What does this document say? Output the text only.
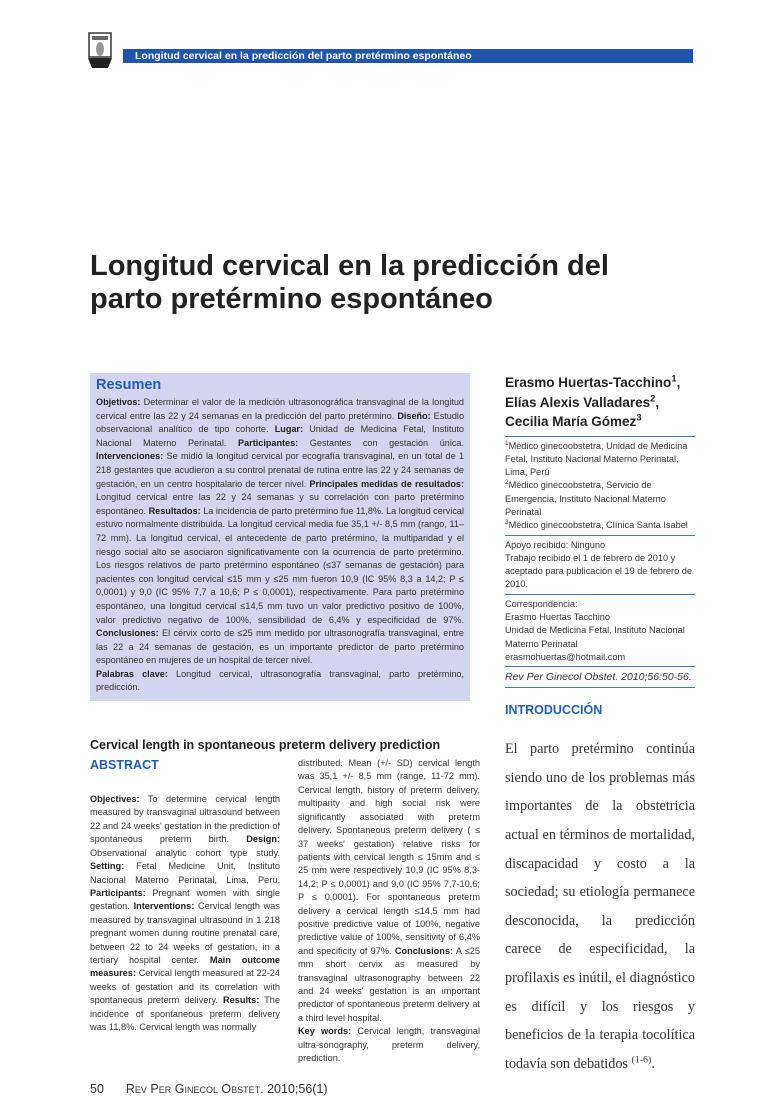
Longitud cervical en la predicción del parto pretérmino espontáneo
Longitud cervical en la predicción del parto pretérmino espontáneo
Resumen

Objetivos: Determinar el valor de la medición ultrasonográfica transvaginal de la longitud cervical entre las 22 y 24 semanas en la predicción del parto pretérmino. Diseño: Estudio observacional analítico de tipo cohorte. Lugar: Unidad de Medicina Fetal, Instituto Nacional Materno Perinatal. Participantes: Gestantes con gestación única. Intervenciones: Se midió la longitud cervical por ecografía transvaginal, en un total de 1 218 gestantes que acudieron a su control prenatal de rutina entre las 22 y 24 semanas de gestación, en un centro hospitalario de tercer nivel. Principales medidas de resultados: Longitud cervical entre las 22 y 24 semanas y su correlación con parto pretérmino espontáneo. Resultados: La incidencia de parto pretérmino fue 11,8%. La longitud cervical estuvo normalmente distribuida. La longitud cervical media fue 35,1 +/- 8,5 mm (rango, 11–72 mm). La longitud cervical, el antecedente de parto pretérmino, la multiparidad y el riesgo social alto se asociaron significativamente con la ocurrencia de parto pretérmino. Los riesgos relativos de parto pretérmino espontáneo (≤37 semanas de gestación) para pacientes con longitud cervical ≤15 mm y ≤25 mm fueron 10,9 (IC 95% 8,3 a 14,2; P ≤ 0,0001) y 9,0 (IC 95% 7,7 a 10,6; P ≤ 0,0001), respectivamente. Para parto pretérmino espontáneo, una longitud cervical ≤14,5 mm tuvo un valor predictivo positivo de 100%, valor predictivo negativo de 100%, sensibilidad de 6,4% y especificidad de 97%. Conclusiones: El cérvix corto de ≤25 mm medido por ultrasonografía transvaginal, entre las 22 a 24 semanas de gestación, es un importante predictor de parto pretérmino espontáneo en mujeres de un hospital de tercer nivel.
Palabras clave: Longitud cervical, ultrasonografía transvaginal, parto pretérmino, predicción.

Cervical length in spontaneous preterm delivery prediction
ABSTRACT
Objectives: To determine cervical length measured by transvaginal ultrasound between 22 and 24 weeks' gestation in the prediction of spontaneous preterm birth. Design: Observational analytic cohort type study. Setting: Fetal Medicine Unit, Instituto Nacional Materno Perinatal, Lima, Peru. Participants: Pregnant women with single gestation. Interventions: Cervical length was measured by transvaginal ultrasound in 1 218 pregnant women during routine prenatal care, between 22 to 24 weeks of gestation, in a tertiary hospital center. Main outcome measures: Cervical length measured at 22-24 weeks of gestation and its correlation with spontaneous preterm delivery. Results: The incidence of spontaneous preterm delivery was 11,8%. Cervical length was normally
distributed. Mean (+/- SD) cervical length was 35,1 +/- 8,5 mm (range, 11-72 mm). Cervical length, history of preterm delivery, multiparity and high social risk were significantly associated with preterm delivery. Spontaneous preterm delivery ( ≤ 37 weeks' gestation) relative risks for patients with cervical length ≤ 15mm and ≤ 25 mm were respectively 10,9 (IC 95% 8,3-14,2; P ≤ 0,0001) and 9,0 (IC 95% 7,7-10,6; P ≤ 0,0001). For spontaneous preterm delivery a cervical length ≤14,5 mm had positive predictive value of 100%, negative predictive value of 100%, sensitivity of 6,4% and specificity of 97%. Conclusions: A ≤25 mm short cervix as measured by transvaginal ultrasonography between 22 and 24 weeks' gestation is an important predictor of spontaneous preterm delivery at a third level hospital.
Key words: Cervical length, transvaginal ultra-sonography, preterm delivery, prediction.
50 Rev Per Ginecol Obstet. 2010;56(1)
Erasmo Huertas-Tacchino$^1$,
Elías Alexis Valladares$^2$,
Cecilia María Gómez$^3$
$^1$Médico ginecoobstetra, Unidad de Medicina Fetal, Instituto Nacional Materno Perinatal, Lima, Perú
$^2$Médico ginecoobstetra, Servicio de Emergencia, Instituto Nacional Materno Perinatal
$^3$Médico ginecoobstetra, Clínica Santa Isabel
Apoyo recibido: Ninguno
Trabajo recibido el 1 de febrero de 2010 y aceptado para publicación el 19 de febrero de 2010.
Correspondencia:
Erasmo Huertas Tacchino
Unidad de Medicina Fetal, Instituto Nacional Materno Perinatal
erasmohuertas@hotmail.com
Rev Per Ginecol Obstet. 2010;56:50-56.
INTRODUCCIÓN
El parto pretérmino continúa siendo uno de los problemas más importantes de la obstetricia actual en términos de mortalidad, discapacidad y costo a la sociedad; su etiología permanece desconocida, la predicción carece de especificidad, la profilaxis es inútil, el diagnóstico es difícil y los riesgos y beneficios de la terapia tocolítica todavía son debatidos $^{(1-6)}$.
